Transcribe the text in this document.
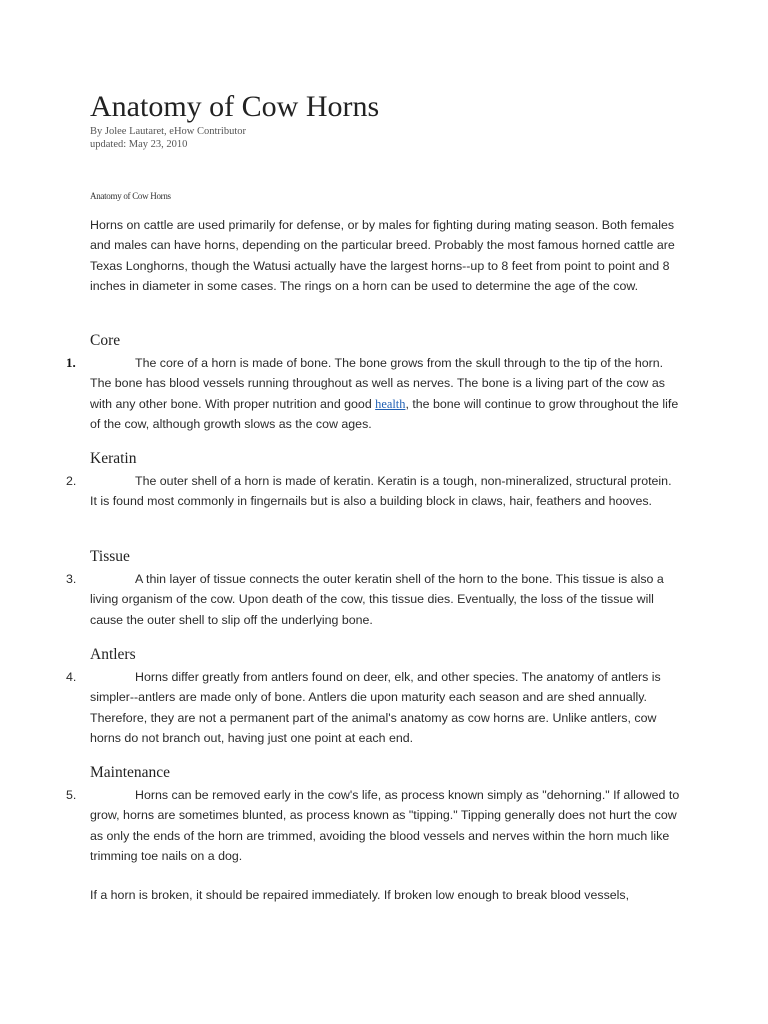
Anatomy of Cow Horns
By Jolee Lautaret, eHow Contributor
updated: May 23, 2010
Anatomy of Cow Horns
Horns on cattle are used primarily for defense, or by males for fighting during mating season. Both females and males can have horns, depending on the particular breed. Probably the most famous horned cattle are Texas Longhorns, though the Watusi actually have the largest horns--up to 8 feet from point to point and 8 inches in diameter in some cases. The rings on a horn can be used to determine the age of the cow.
Core
1.	The core of a horn is made of bone. The bone grows from the skull through to the tip of the horn. The bone has blood vessels running throughout as well as nerves. The bone is a living part of the cow as with any other bone. With proper nutrition and good health, the bone will continue to grow throughout the life of the cow, although growth slows as the cow ages.
Keratin
2.	The outer shell of a horn is made of keratin. Keratin is a tough, non-mineralized, structural protein. It is found most commonly in fingernails but is also a building block in claws, hair, feathers and hooves.
Tissue
3.	A thin layer of tissue connects the outer keratin shell of the horn to the bone. This tissue is also a living organism of the cow. Upon death of the cow, this tissue dies. Eventually, the loss of the tissue will cause the outer shell to slip off the underlying bone.
Antlers
4.	Horns differ greatly from antlers found on deer, elk, and other species. The anatomy of antlers is simpler--antlers are made only of bone. Antlers die upon maturity each season and are shed annually. Therefore, they are not a permanent part of the animal's anatomy as cow horns are. Unlike antlers, cow horns do not branch out, having just one point at each end.
Maintenance
5.	Horns can be removed early in the cow's life, as process known simply as "dehorning." If allowed to grow, horns are sometimes blunted, as process known as "tipping." Tipping generally does not hurt the cow as only the ends of the horn are trimmed, avoiding the blood vessels and nerves within the horn much like trimming toe nails on a dog.
If a horn is broken, it should be repaired immediately. If broken low enough to break blood vessels,
